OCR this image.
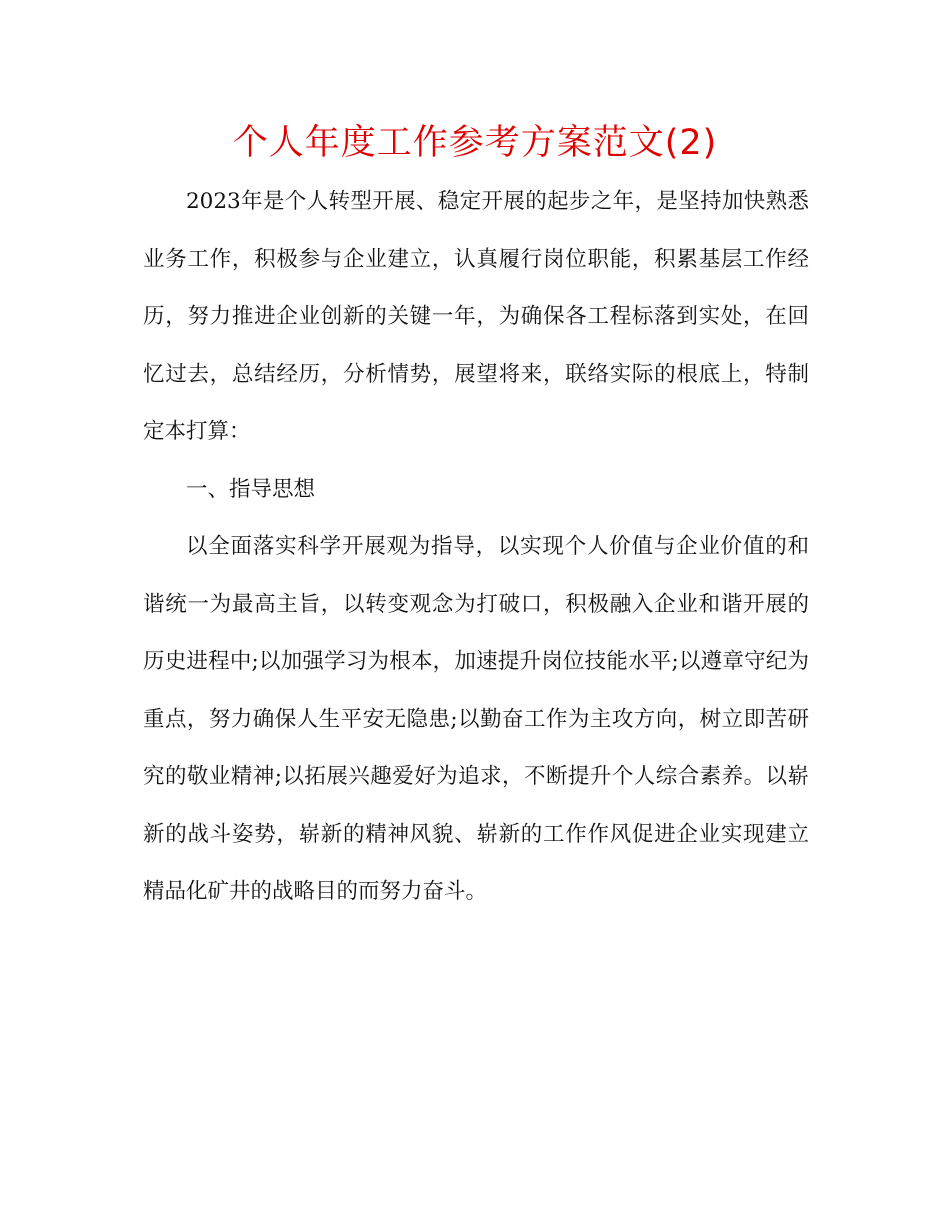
个人年度工作参考方案范文(2)

2023年是个人转型开展、稳定开展的起步之年，是坚持加快熟悉业务工作，积极参与企业建立，认真履行岗位职能，积累基层工作经历，努力推进企业创新的关键一年，为确保各工程标落到实处，在回忆过去，总结经历，分析情势，展望将来，联络实际的根底上，特制定本打算：

一、指导思想

以全面落实科学开展观为指导，以实现个人价值与企业价值的和谐统一为最高主旨，以转变观念为打破口，积极融入企业和谐开展的历史进程中;以加强学习为根本，加速提升岗位技能水平;以遵章守纪为重点，努力确保人生平安无隐患;以勤奋工作为主攻方向，树立即苦研究的敬业精神;以拓展兴趣爱好为追求，不断提升个人综合素养。以崭新的战斗姿势，崭新的精神风貌、崭新的工作作风促进企业实现建立精品化矿井的战略目的而努力奋斗。
